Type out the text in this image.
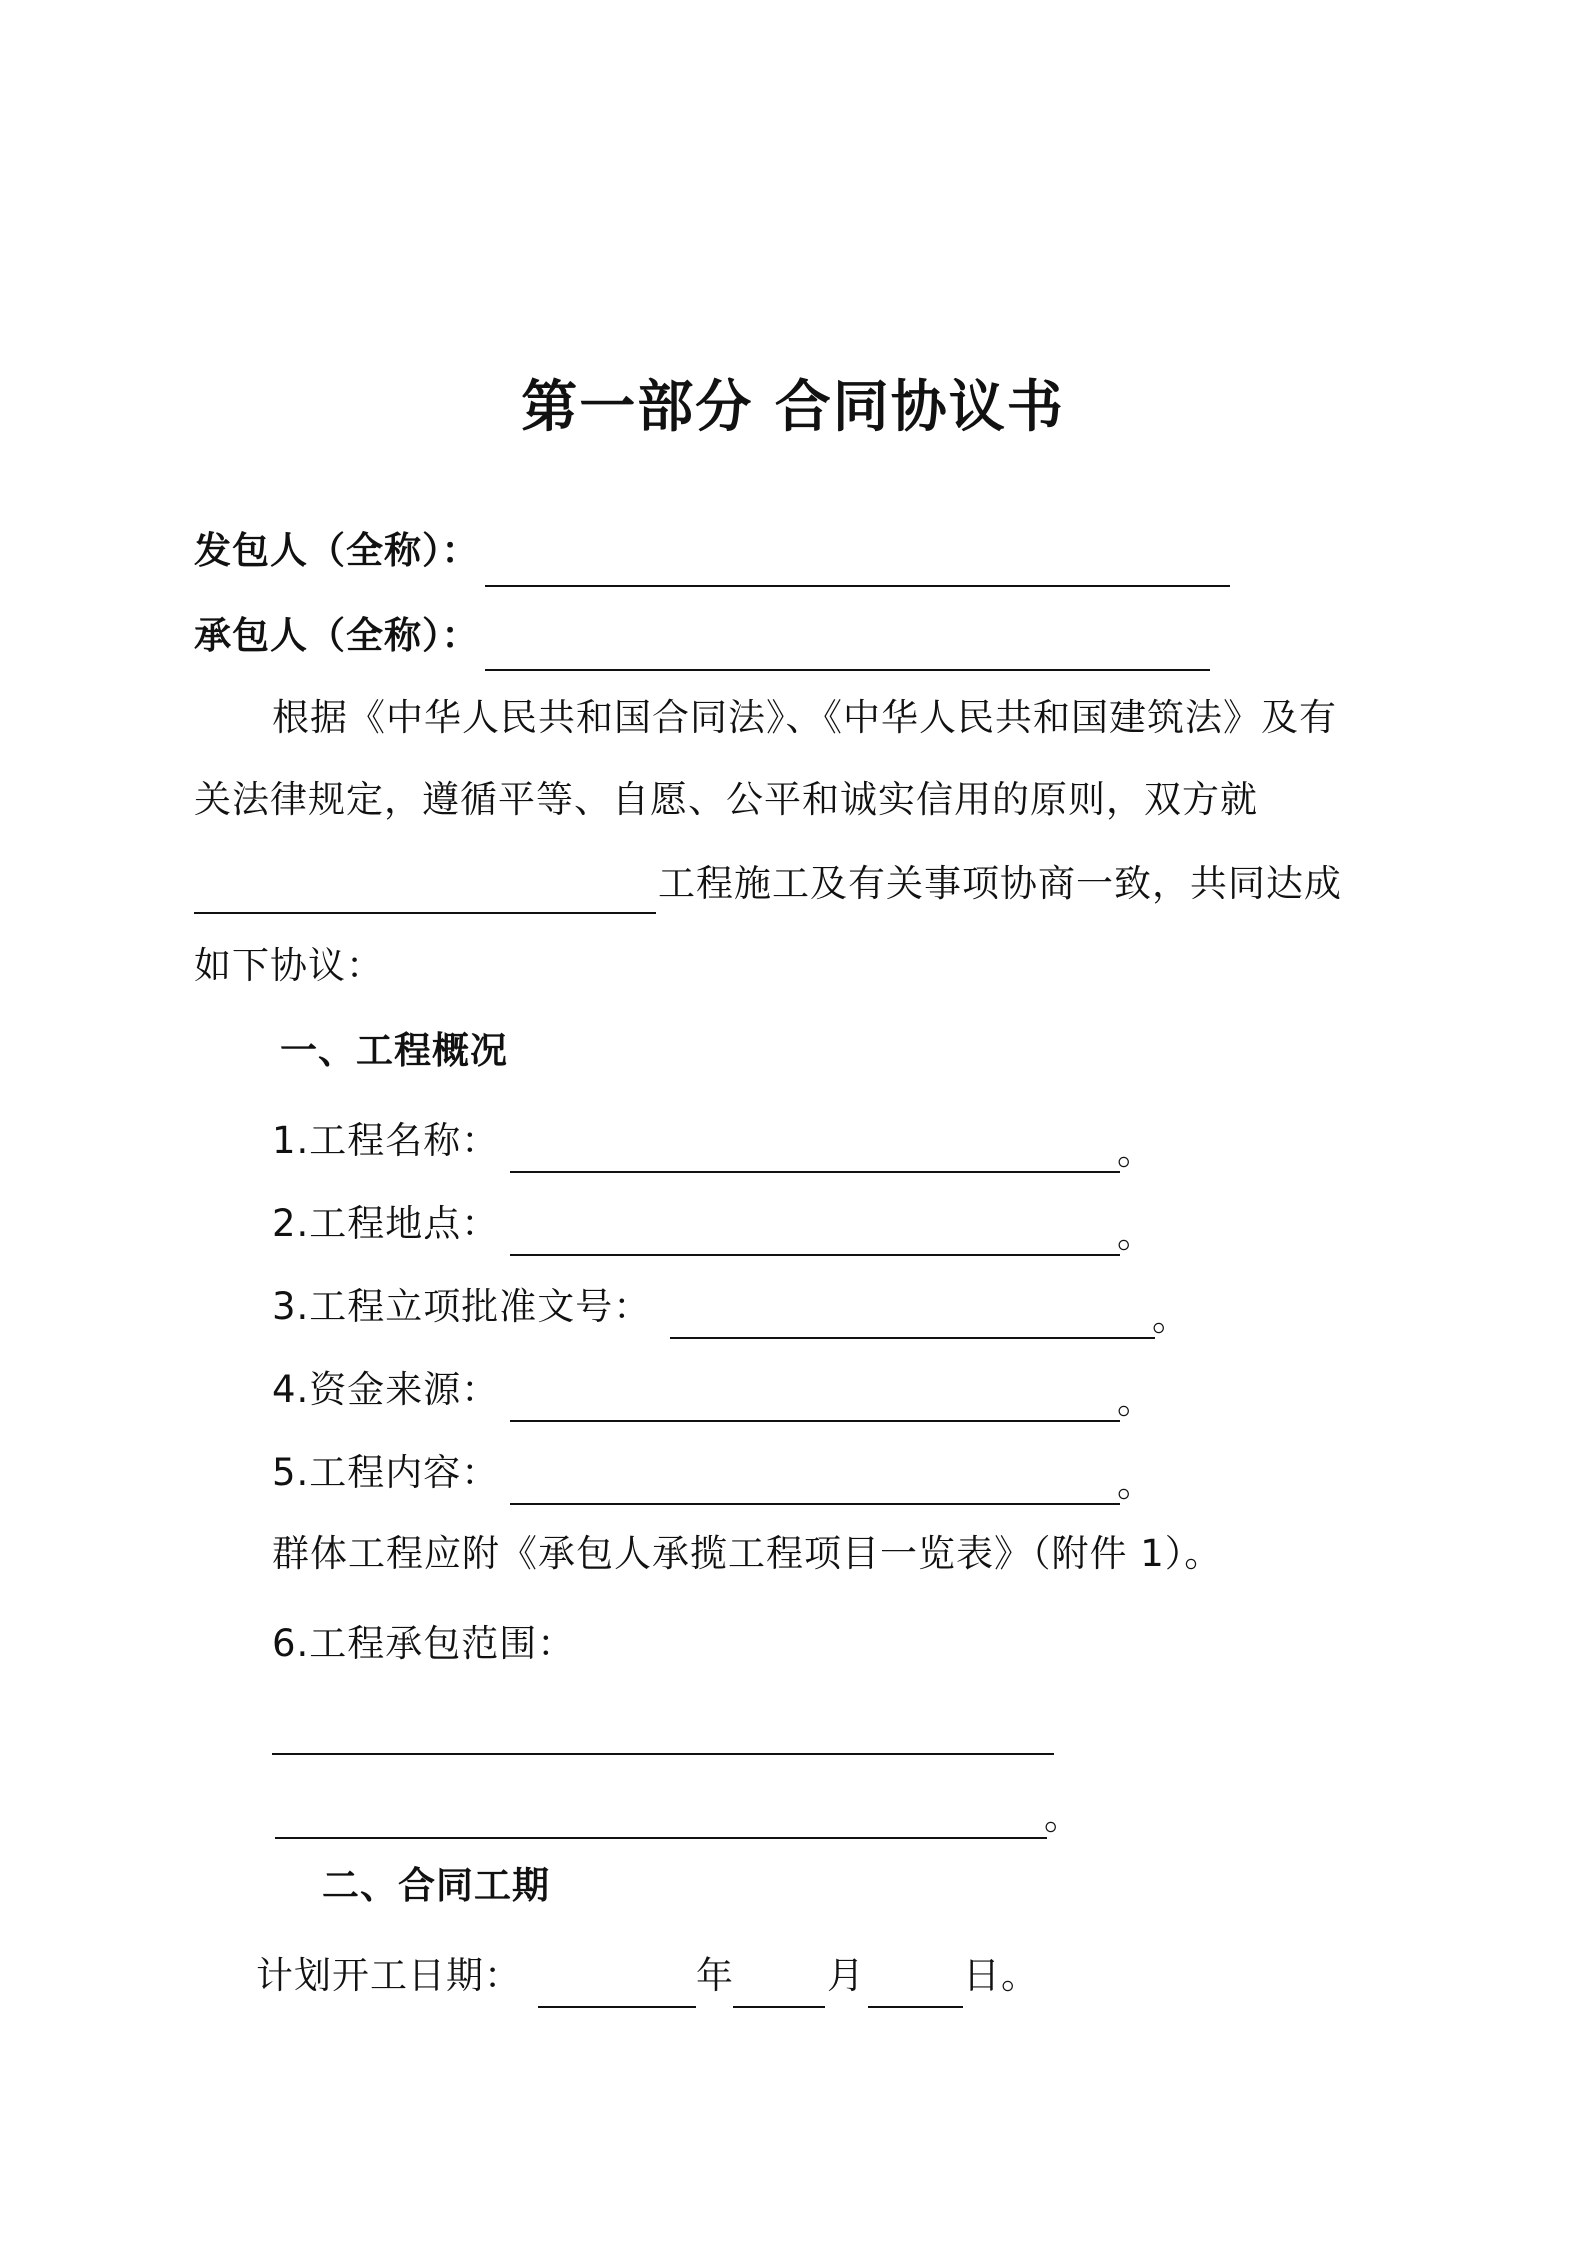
第一部分 合同协议书
发包人（全称）：
承包人（全称）：
根据《中华人民共和国合同法》、《中华人民共和国建筑法》及有
关法律规定，遵循平等、自愿、公平和诚实信用的原则，双方就
工程施工及有关事项协商一致，共同达成
如下协议：
一、工程概况
1.工程名称：	。
2.工程地点：	。
3.工程立项批准文号：	。
4.资金来源：	。
5.工程内容：	。
群体工程应附《承包人承揽工程项目一览表》（附件 1）。
6.工程承包范围：
。
二、合同工期
计划开工日期：	年	月	日。
